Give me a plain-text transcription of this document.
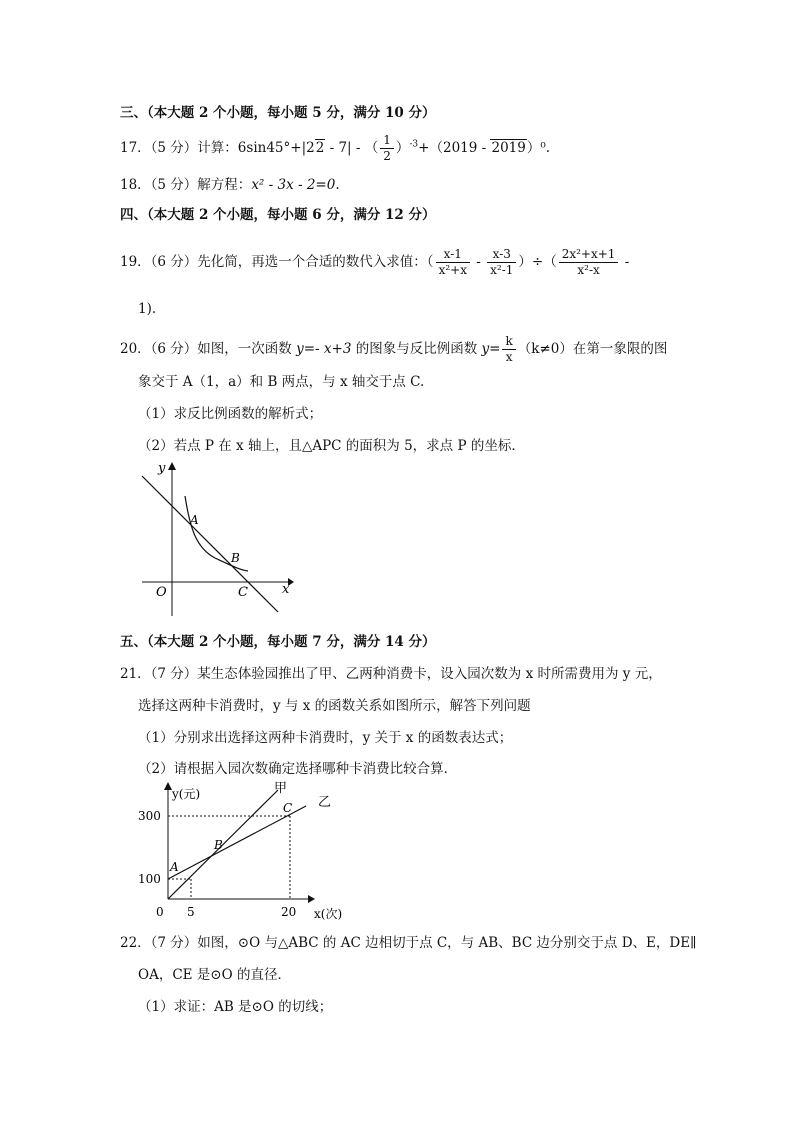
三、（本大题 2 个小题，每小题 5 分，满分 10 分）
17．（5 分）计算：6sin45°+|22 - 7| - （ $\frac{1}{2} )^{-3}+(2019 - 2019)^0$.
18．（5 分）解方程：x² - 3x - 2=0.
四、（本大题 2 个小题，每小题 6 分，满分 12 分）
19．（6 分）先化简，再选一个合适的数代入求值：（ $\frac{x-1}{\text{x²+x}} - \frac{x-3}{\text{x²-1}}$ ）÷（ $\frac{\text{2x²+x+1}}{\text{x²-x}}$ -
1).
20．（6 分）如图，一次函数 y=- x+3 的图象与反比例函数 $y= \frac{k}{x} (k\ne 0)$在第一象限的图
象交于 A（1，a）和 B 两点，与 x 轴交于点 C.
（1）求反比例函数的解析式；
（2）若点 P 在 x 轴上，且△APC 的面积为 5，求点 P 的坐标．
y
x
O
A
B
C
五、（本大题 2 个小题，每小题 7 分，满分 14 分）
21．（7 分）某生态体验园推出了甲、乙两种消费卡，设入园次数为 x 时所需费用为 y 元，
选择这两种卡消费时，y 与 x 的函数关系如图所示，解答下列问题
（1）分别求出选择这两种卡消费时，y 关于 x 的函数表达式；
（2）请根据入园次数确定选择哪种卡消费比较合算．
y(元)
x(次)
300
100
0 5	20
甲
乙
A
B
C
22．（7 分）如图，⊙O 与△ABC 的 AC 边相切于点 C，与 AB、BC 边分别交于点 D、E，DE∥
OA，CE 是⊙O 的直径．
（1）求证：AB 是⊙O 的切线；
